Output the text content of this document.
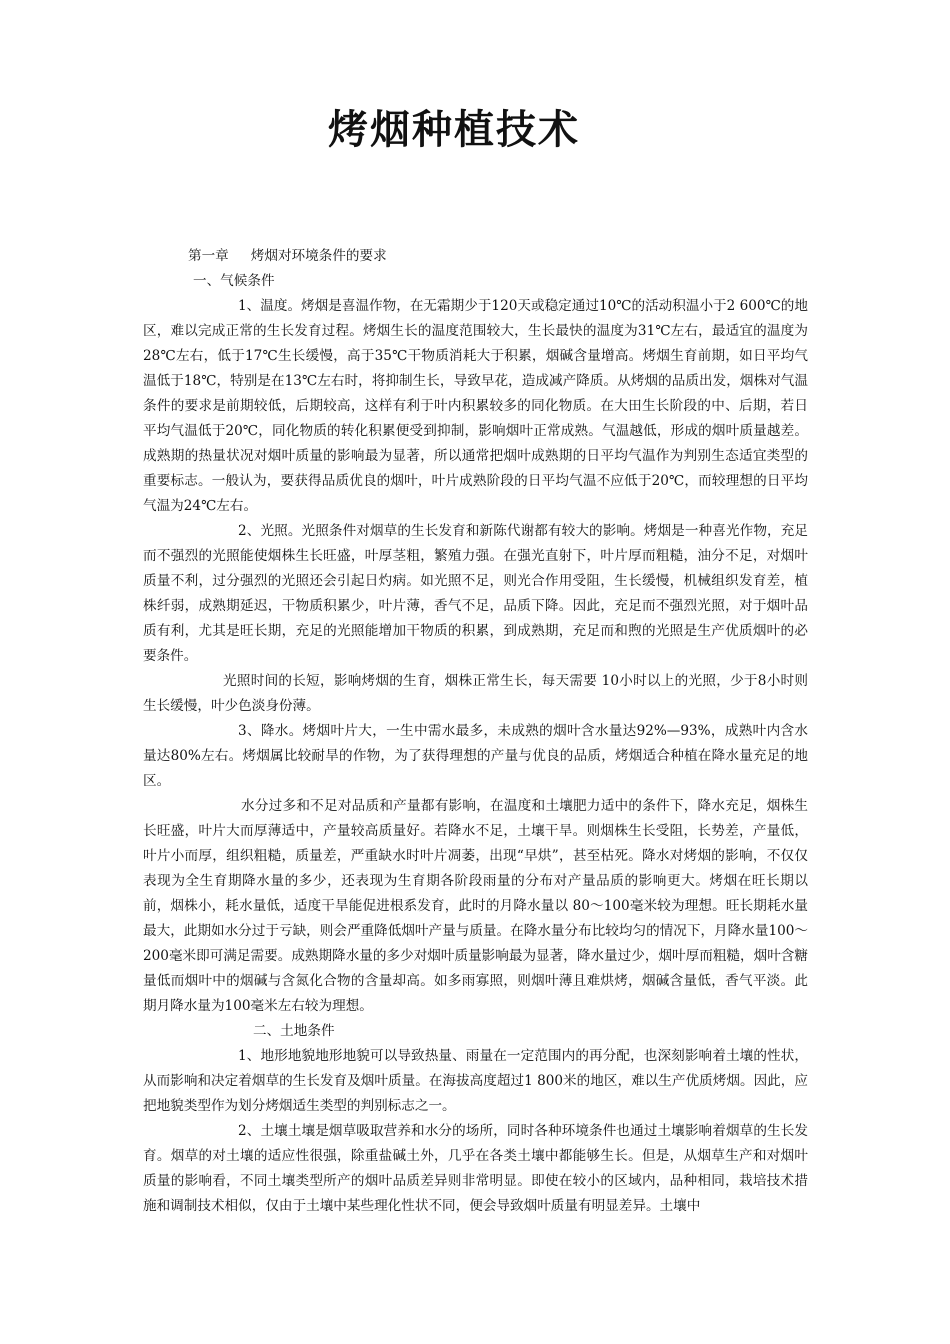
烤烟种植技术

第一章 烤烟对环境条件的要求

一、气候条件

1、温度。烤烟是喜温作物，在无霜期少于120天或稳定通过10℃的活动积温小于2 600℃的地区，难以完成正常的生长发育过程。烤烟生长的温度范围较大，生长最快的温度为31℃左右，最适宜的温度为28℃左右，低于17℃生长缓慢，高于35℃干物质消耗大于积累，烟碱含量增高。烤烟生育前期，如日平均气温低于18℃，特别是在13℃左右时，将抑制生长，导致早花，造成减产降质。从烤烟的品质出发，烟株对气温条件的要求是前期较低，后期较高，这样有利于叶内积累较多的同化物质。在大田生长阶段的中、后期，若日平均气温低于20℃，同化物质的转化积累便受到抑制，影响烟叶正常成熟。气温越低，形成的烟叶质量越差。成熟期的热量状况对烟叶质量的影响最为显著，所以通常把烟叶成熟期的日平均气温作为判别生态适宜类型的重要标志。一般认为，要获得品质优良的烟叶，叶片成熟阶段的日平均气温不应低于20℃，而较理想的日平均气温为24℃左右。

2、光照。光照条件对烟草的生长发育和新陈代谢都有较大的影响。烤烟是一种喜光作物，充足而不强烈的光照能使烟株生长旺盛，叶厚茎粗，繁殖力强。在强光直射下，叶片厚而粗糙，油分不足，对烟叶质量不利，过分强烈的光照还会引起日灼病。如光照不足，则光合作用受阻，生长缓慢，机械组织发育差，植株纤弱，成熟期延迟，干物质积累少，叶片薄，香气不足，品质下降。因此，充足而不强烈光照，对于烟叶品质有利，尤其是旺长期，充足的光照能增加干物质的积累，到成熟期，充足而和煦的光照是生产优质烟叶的必要条件。

光照时间的长短，影响烤烟的生育，烟株正常生长，每天需要 10小时以上的光照，少于8小时则生长缓慢，叶少色淡身份薄。

3、降水。烤烟叶片大，一生中需水最多，未成熟的烟叶含水量达92%—93%，成熟叶内含水量达80%左右。烤烟属比较耐旱的作物，为了获得理想的产量与优良的品质，烤烟适合种植在降水量充足的地区。

水分过多和不足对品质和产量都有影响，在温度和土壤肥力适中的条件下，降水充足，烟株生长旺盛，叶片大而厚薄适中，产量较高质量好。若降水不足，土壤干旱。则烟株生长受阻，长势差，产量低，叶片小而厚，组织粗糙，质量差，严重缺水时叶片凋萎，出现“早烘”，甚至枯死。降水对烤烟的影响，不仅仅表现为全生育期降水量的多少，还表现为生育期各阶段雨量的分布对产量品质的影响更大。烤烟在旺长期以前，烟株小，耗水量低，适度干旱能促进根系发育，此时的月降水量以 80～100毫米较为理想。旺长期耗水量最大，此期如水分过于亏缺，则会严重降低烟叶产量与质量。在降水量分布比较均匀的情况下，月降水量100～200毫米即可满足需要。成熟期降水量的多少对烟叶质量影响最为显著，降水量过少，烟叶厚而粗糙，烟叶含糖量低而烟叶中的烟碱与含氮化合物的含量却高。如多雨寡照，则烟叶薄且难烘烤，烟碱含量低，香气平淡。此期月降水量为100毫米左右较为理想。

二、土地条件

1、地形地貌地形地貌可以导致热量、雨量在一定范围内的再分配，也深刻影响着土壤的性状，从而影响和决定着烟草的生长发育及烟叶质量。在海拔高度超过1 800米的地区，难以生产优质烤烟。因此，应把地貌类型作为划分烤烟适生类型的判别标志之一。

2、土壤土壤是烟草吸取营养和水分的场所，同时各种环境条件也通过土壤影响着烟草的生长发育。烟草的对土壤的适应性很强，除重盐碱土外，几乎在各类土壤中都能够生长。但是，从烟草生产和对烟叶质量的影响看，不同土壤类型所产的烟叶品质差异则非常明显。即使在较小的区域内，品种相同，栽培技术措施和调制技术相似，仅由于土壤中某些理化性状不同，便会导致烟叶质量有明显差异。土壤中
